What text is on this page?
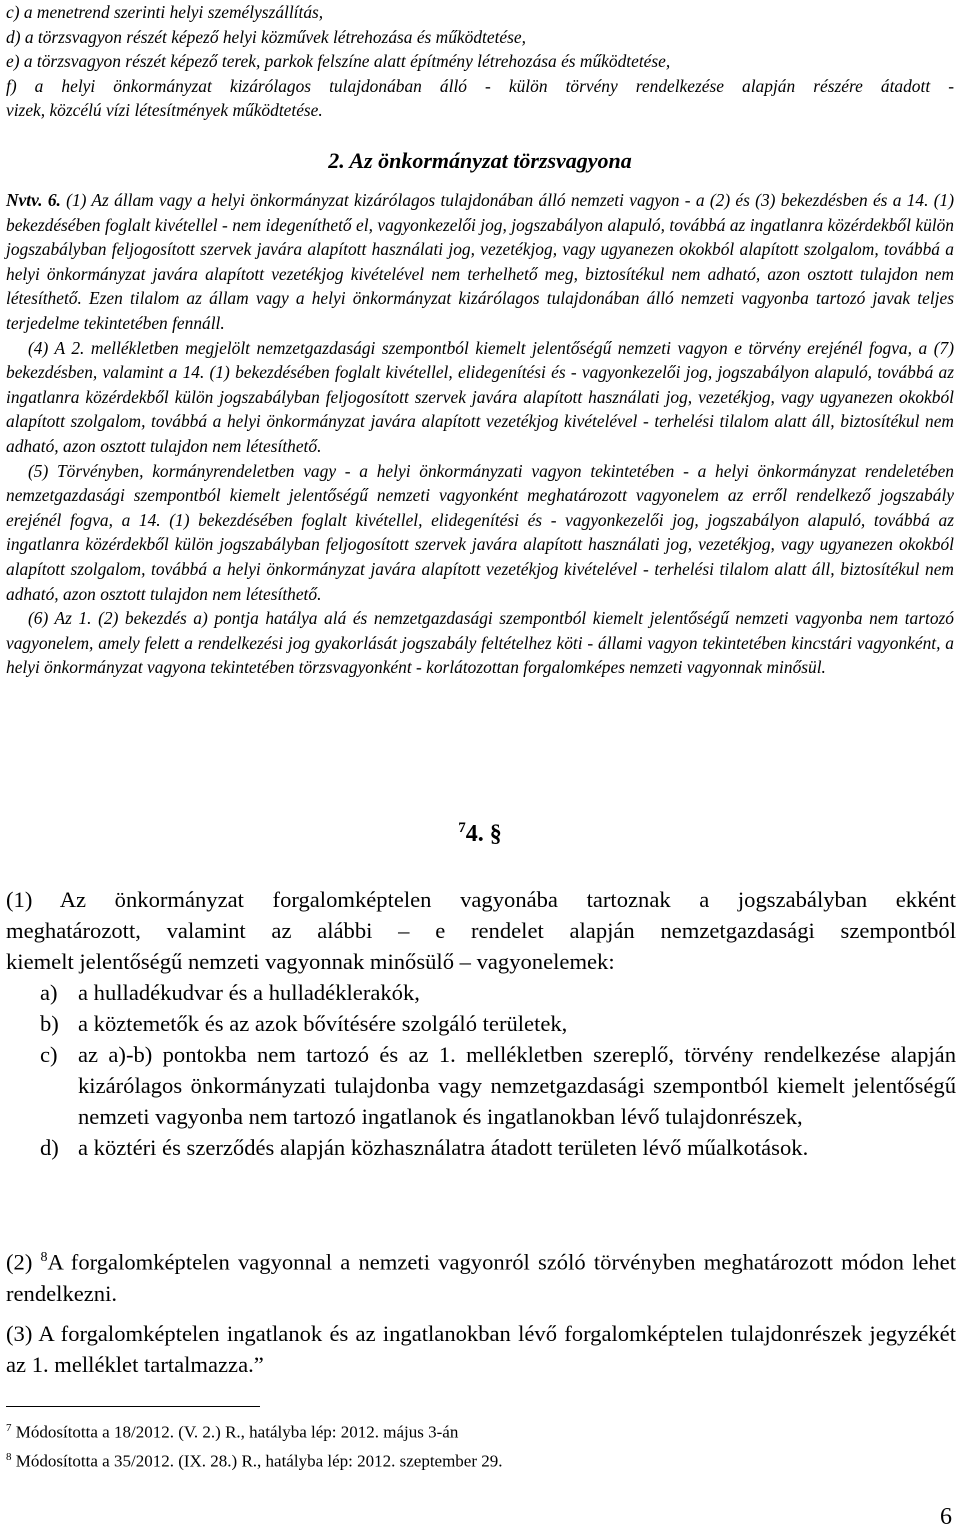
c) a menetrend szerinti helyi személyszállítás,

d) a törzsvagyon részét képező helyi közművek létrehozása és működtetése,

e) a törzsvagyon részét képező terek, parkok felszíne alatt építmény létrehozása és működtetése,

f) a helyi önkormányzat kizárólagos tulajdonában álló - külön törvény rendelkezése alapján részére átadott -

vizek, közcélú vízi létesítmények működtetése.

2. Az önkormányzat törzsvagyona

Nvtv. 6. (1) Az állam vagy a helyi önkormányzat kizárólagos tulajdonában álló nemzeti vagyon - a (2) és (3) bekezdésben és a 14. (1) bekezdésében foglalt kivétellel - nem idegeníthető el, vagyonkezelői jog, jogszabályon alapuló, továbbá az ingatlanra közérdekből külön jogszabályban feljogosított szervek javára alapított használati jog, vezetékjog, vagy ugyanezen okokból alapított szolgalom, továbbá a helyi önkormányzat javára alapított vezetékjog kivételével nem terhelhető meg, biztosítékul nem adható, azon osztott tulajdon nem létesíthető. Ezen tilalom az állam vagy a helyi önkormányzat kizárólagos tulajdonában álló nemzeti vagyonba tartozó javak teljes terjedelme tekintetében fennáll.

(4) A 2. mellékletben megjelölt nemzetgazdasági szempontból kiemelt jelentőségű nemzeti vagyon e törvény erejénél fogva, a (7) bekezdésben, valamint a 14. (1) bekezdésében foglalt kivétellel, elidegenítési és - vagyonkezelői jog, jogszabályon alapuló, továbbá az ingatlanra közérdekből külön jogszabályban feljogosított szervek javára alapított használati jog, vezetékjog, vagy ugyanezen okokból alapított szolgalom, továbbá a helyi önkormányzat javára alapított vezetékjog kivételével - terhelési tilalom alatt áll, biztosítékul nem adható, azon osztott tulajdon nem létesíthető.

(5) Törvényben, kormányrendeletben vagy - a helyi önkormányzati vagyon tekintetében - a helyi önkormányzat rendeletében nemzetgazdasági szempontból kiemelt jelentőségű nemzeti vagyonként meghatározott vagyonelem az erről rendelkező jogszabály erejénél fogva, a 14. (1) bekezdésében foglalt kivétellel, elidegenítési és - vagyonkezelői jog, jogszabályon alapuló, továbbá az ingatlanra közérdekből külön jogszabályban feljogosított szervek javára alapított használati jog, vezetékjog, vagy ugyanezen okokból alapított szolgalom, továbbá a helyi önkormányzat javára alapított vezetékjog kivételével - terhelési tilalom alatt áll, biztosítékul nem adható, azon osztott tulajdon nem létesíthető.

(6) Az 1. (2) bekezdés a) pontja hatálya alá és nemzetgazdasági szempontból kiemelt jelentőségű nemzeti vagyonba nem tartozó vagyonelem, amely felett a rendelkezési jog gyakorlását jogszabály feltételhez köti - állami vagyon tekintetében kincstári vagyonként, a helyi önkormányzat vagyona tekintetében törzsvagyonként - korlátozottan forgalomképes nemzeti vagyonnak minősül.

$^7$4. §

(1) Az önkormányzat forgalomképtelen vagyonába tartoznak a jogszabályban ekként

meghatározott, valamint az alábbi – e rendelet alapján nemzetgazdasági szempontból

kiemelt jelentőségű nemzeti vagyonnak minősülő – vagyonelemek:

a) a hulladékudvar és a hulladéklerakók,
b) a köztemetők és az azok bővítésére szolgáló területek,
c) az a)-b) pontokba nem tartozó és az 1. mellékletben szereplő, törvény rendelkezése alapján kizárólagos önkormányzati tulajdonba vagy nemzetgazdasági szempontból kiemelt jelentőségű nemzeti vagyonba nem tartozó ingatlanok és ingatlanokban lévő tulajdonrészek,
d) a köztéri és szerződés alapján közhasználatra átadott területen lévő műalkotások.

(2) $^8$A forgalomképtelen vagyonnal a nemzeti vagyonról szóló törvényben meghatározott módon lehet rendelkezni.

(3) A forgalomképtelen ingatlanok és az ingatlanokban lévő forgalomképtelen tulajdonrészek jegyzékét az 1. melléklet tartalmazza.”

$^7$ Módosította a 18/2012. (V. 2.) R., hatályba lép: 2012. május 3-án

$^8$ Módosította a 35/2012. (IX. 28.) R., hatályba lép: 2012. szeptember 29.

6
